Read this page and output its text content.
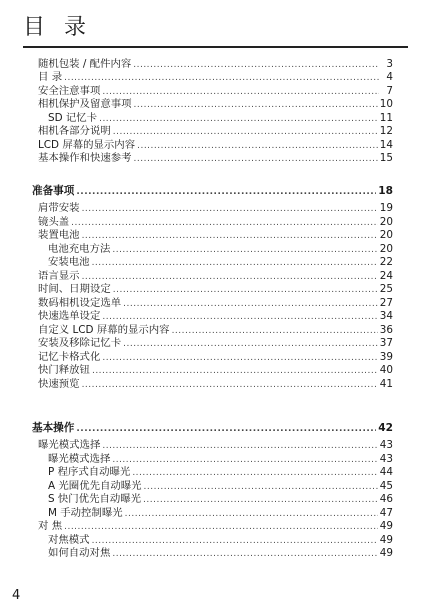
目 录
随机包装 / 配件内容 .....	3
目 录 .....	4
安全注意事项 .....	7
相机保护及留意事项 .....	10
SD 记忆卡 .....	11
相机各部分说明 .....	12
LCD 屏幕的显示内容 .....	14
基本操作和快速参考 .....	15
准备事项 .....	18
肩带安装 .....	19
镜头盖 .....	20
装置电池 .....	20
电池充电方法 .....	20
安装电池 .....	22
语言显示 .....	24
时间、日期设定 .....	25
数码相机设定选单 .....	27
快速选单设定 .....	34
自定义 LCD 屏幕的显示内容 .....	36
安装及移除记忆卡 .....	37
记忆卡格式化 .....	39
快门释放钮 .....	40
快速预览 .....	41
基本操作 .....	42
曝光模式选择 .....	43
曝光模式选择 .....	43
P 程序式自动曝光 .....	44
A 光圈优先自动曝光 .....	45
S 快门优先自动曝光 .....	46
M 手动控制曝光 .....	47
对 焦 .....	49
对焦模式 .....	49
如何自动对焦 .....	49
4
